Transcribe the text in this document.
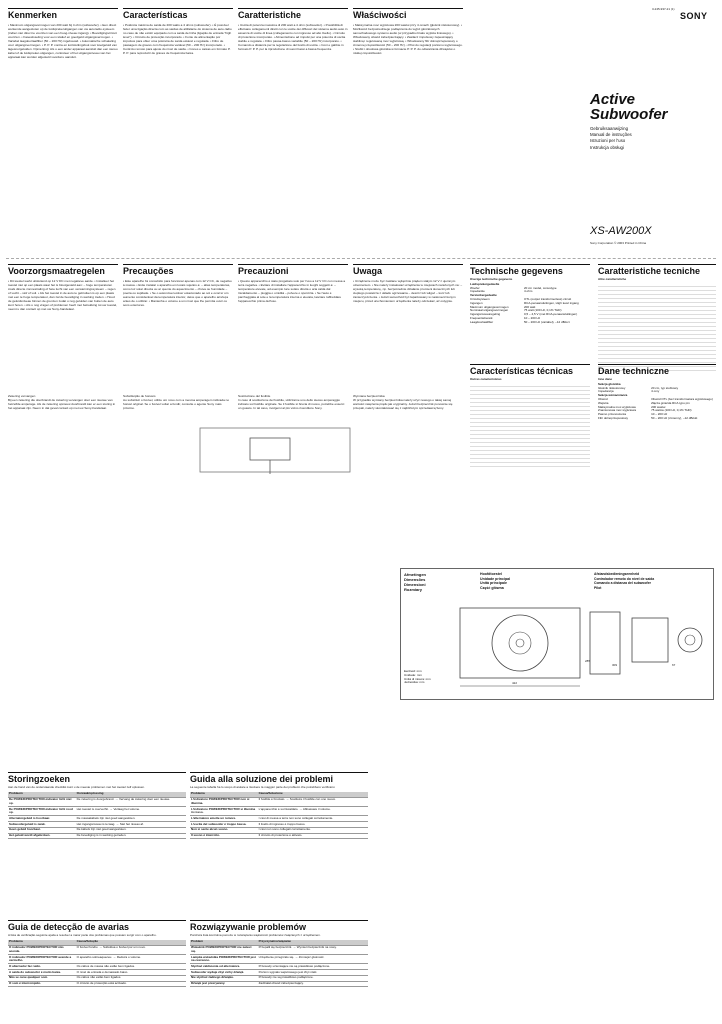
Kenmerken
• Maximum uitgangsvermogen van 200 watt bij 4 ohm (subwoofer). • Een direct werkende aangesloten op de luidsprekeruitgangen van uw autoradio-systeem (indien niet direct te voorzien van een hoog-niveau ingang). • Beveiligingscircuit voorzien. • Fasewisseling voor een relatief en goedgeld uitgangsvermogen. • Variabel laagdoorlaatfilter (50 – 200 Hz) ingebouwd. • Automatische schakeling voor uitgangsvermogen. • P. P. P. contra en kortsluitingsfout voor koelgeluid van lagesnorgeluiden. Opmerking: Als u een ander apparaat aansluit dan een stereo kabel of de luidspreker-uitgangen, controleer of het uitgangsniveau van het apparaat kan worden afgesteld voordat u aansluit.
Características
• Potência máxima de saída de 200 watts a 4 ohms (subwoofer). • É possível fazer uma ligação directa com as saídas de altifalante do sistema de auto-rádio no caso de não existir equipado com a saída de linha (ligação de entrada "high level"). • Circuito de protecção incorporado. • Fonte de alimentação por impulsos para obter uma potência de saída estável e regulada. • Filtro de passagem de graves com frequência variável (50 – 200 Hz) incorporado. • Controlo remoto para ajuste do nível de saída. • Cones e caixas em formato P. P. P. para reproduzir de graves de frequência baixa.
Caratteristiche
• Uscita di potenza massima di 200 watt a 4 ohm (subwoofer). • Possibilità di effettuare collegamenti diretti con le uscite dei diffusori del sistema audio auto in assenza di uscite di linea (collegamento con ingresso ad alto livello). • Circuito di protezione incorporato. • Alimentazione ad impulsi per una potenza di uscita stabile e regolata. • Filtro passa-basso variabile (50 – 200 Hz) incorporato. • Comando a distanza per la regolazione del livello di uscita. • Coni e gabbie in formato P. P. P. per la riproduzione di suoni bassi a bassa frequenza.
Właściwości
• Maksymalna moc wyjściowa 200 watów przy 4 omach (głośnik niskotonowy). • Możliwość bezpośredniego podłączenia do wyjść głośnikowych samochodowego systemu audio (w przypadku braku wyjścia liniowego). • Wbudowany obwód zabezpieczający. • Zasilacz impulsowy zapewniający stabilną i regulowaną moc wyjściową. • Wbudowany filtr dolnoprzepustowy o zmiennej częstotliwości (50 – 200 Hz). • Pilot do regulacji poziomu wyjściowego. • Stożki i obudowa głośnika w formacie P. P. P. do odtwarzania dźwięków o niskiej częstotliwości.
3-245-937-21 (1)
SONY
Active
Subwoofer
Gebruiksaanwijzing
Manual de instruções
Istruzioni per l'uso
Instrukcja obsługi
XS-AW200X
Sony Corporation © 2003 Printed in China
Voorzorgsmaatregelen
• Dit toestel werkt uitsluitend op 12 V DC met negatieve aarde. • Installeer het toestel niet op een plaats waar het is blootgesteld aan: – hoge temperaturen zoals directe zonnestraling of hete lucht van een verwarmingssysteem – regen of vocht – stof of vuil. • Als het toestel in de auto te gebruiken is op een plaats met een te hoge temperatuur, dan zal de beveiliging in werking treden. • Houd de geluidsniveau binnen de grenzen zodat u nog geluiden van buiten de auto kunt horen. • Als u nog vragen of problemen heeft met betrekking tot uw toestel, neemt u dan contact op met uw Sony-handelaar.
Zekering vervangen
Bij een zekering die doorbrandt de zekering vervangen door een nieuwe van hetzelfde amperage. Als de zekering opnieuw doorbrandt kan er een storing in het apparaat zijn. Neem in dat geval contact op met uw Sony-handelaar.
Precauções
• Este aparelho foi concebido para funcionar apenas com 12 V CC, de negativo à massa. • Evite instalar o aparelho em locais sujeitos a: – altas temperaturas, como luz solar directa ou ar quente do aquecimento – chuva ou humidade – poeira ou sujidade. • Se o automóvel estiver estacionado ao sol e ocorrer um aumento considerável da temperatura interior, deixe que o aparelho arrefeça antes de o utilizar. • Mantenha o volume a um nível que lhe permita ouvir os sons exteriores.
Substituição de fusíveis
Ao substituir o fusível, utilize um novo com a mesma amperagem indicada no fusível original. Se o fusível voltar a fundir, consulte o agente Sony mais próximo.
Precauzioni
• Questo apparecchio è stato progettato solo per l'uso a 12 V CC con messa a terra negativa. • Evitare di installare l'apparecchio in luoghi soggetti a: – temperature elevate, ad esempio luce solare diretta o aria calda dal riscaldamento – pioggia o umidità – polvere o sporcizia. • Se l'auto è parcheggiata al sole e la temperatura interna è elevata, lasciare raffreddare l'apparecchio prima dell'uso.
Sostituzione del fusibile
In caso di sostituzione del fusibile, utilizzarne uno dello stesso amperaggio indicato sul fusibile originale. Se il fusibile si brucia di nuovo, potrebbe esserci un guasto. In tal caso, rivolgersi al più vicino rivenditore Sony.
Uwaga
• Urządzenie może być zasilane wyłącznie prądem stałym 12 V z ujemnym uziemieniem. • Nie należy instalować urządzenia w miejscach narażonych na: – wysoką temperaturę, np. bezpośrednie działanie promieni słonecznych lub ciepłego powietrza z układu ogrzewania – deszcz lub wilgoć – kurz lub zanieczyszczenia. • Jeżeli samochód był zaparkowany w nasłonecznionym miejscu, przed uruchomieniem urządzenia należy odczekać, aż ostygnie.
Wymiana bezpiecznika
W przypadku wymiany bezpiecznika należy użyć nowego o takiej samej wartości natężenia prądu jak oryginalny. Jeżeli bezpiecznik ponownie się przepali, należy skontaktować się z najbliższym sprzedawcą Sony.
Technische gegevens
Overige technische gegevens
Luidsprekergedeelte
Woofer	20 cm model, conustype
Impedantie	4 ohm
Versterkergedeelte
Circuitsysteem	OTL (output transformerless) circuit
Ingangen	RCA-penaansluitingen, High level ingang
Maximum uitgangsvermogen	200 watt
Nominaal uitgangsvermogen	75 watt (100 Hz, 0,1% THD)
Ingangsniveauregeling	0,5 – 4,5 V (met RCA-penaansluitingen)
Frequentiebereik	10 – 200 Hz
Laagdoorlaatfilter	50 – 200 Hz (variabel), –12 dB/oct
Caratteristiche tecniche
Altre caratteristiche
Características técnicas
Outras características
Dane techniczne
Inne dane
Sekcja głośnika
Głośnik niskotonowy	20 cm, typ stożkowy
Impedancja	4 omy
Sekcja wzmacniacza
Obwód	Obwód OTL (bez transformatora wyjściowego)
Wejścia	Złącza gniazda RCA typu pin
Maksymalna moc wyjściowa	200 watów
Znamionowa moc wyjściowa	75 watów (100 Hz, 0,1% THD)
Pasmo przenoszenia	10 – 200 Hz
Filtr dolnoprzepustowy	50 – 200 Hz (zmienny), –12 dB/okt
Afmetingen
Dimensões
Dimensioni
Rozmiary
Hoofdtoestel
Unidade principal
Unità principale
Część główna
Afstandsbedieningseenheid
Controlador remoto do nível de saída
Comando a distanza del subwoofer
Pilot
422
285
309	67
Eenheid: mm
Unidade: mm
Unità di misura: mm
Jednostka: mm
Storingzoeken
Aan de hand van de onderstaande checklist kunt u de meeste problemen met het toestel zelf oplossen.
Probleem	Oorzaak/oplossing
De POWER/PROTECTOR-indicator licht niet op.	De zekering is doorgebrand. → Vervang de zekering door een nieuwe.
De POWER/PROTECTOR-indicator licht rood op.	Het toestel is oververhit. → Verlaag het volume.
Alternatorgeluid is hoorbaar.	De massakabels zijn niet goed aangesloten.
Subwoofergeluid is zwak.	Het ingangsniveau is te laag. → Stel het niveau af.
Geen geluid hoorbaar.	De kabels zijn niet goed aangesloten.
Het geluid wordt afgebroken.	De beveiliging is in werking getreden.
Guida alla soluzione dei problemi
La seguente tabella ha lo scopo di aiutare a risolvere la maggior parte dei problemi che potrebbero verificarsi.
Problema	Causa/Soluzione
L'indicatore POWER/PROTECTOR non si illumina.	Il fusibile è bruciato. → Sostituire il fusibile con uno nuovo.
L'indicatore POWER/PROTECTOR si illumina in rosso.	L'apparecchio è surriscaldato. → Abbassare il volume.
L'alternatore emette un rumore.	I cavi di messa a terra non sono collegati correttamente.
L'uscita del subwoofer è troppo bassa.	Il livello di ingresso è troppo basso.
Non si sente alcun suono.	I cavi non sono collegati correttamente.
Il suono è interrotto.	Il circuito di protezione è attivato.
Guia de detecção de avarias
A lista de verificação seguinte ajuda a resolver a maior parte dos problemas que possam surgir com o aparelho.
Problema	Causa/Solução
O indicador POWER/PROTECTOR não acende.	O fusível fundiu. → Substitua o fusível por um novo.
O indicador POWER/PROTECTOR acende a vermelho.	O aparelho sobreaqueceu. → Reduza o volume.
O alternador faz ruído.	Os cabos de massa não estão bem ligados.
A saída do subwoofer é muito baixa.	O nível de entrada é demasiado baixo.
Não se ouve qualquer som.	Os cabos não estão bem ligados.
O som é interrompido.	O circuito de protecção está activado.
Rozwiązywanie problemów
Poniższa lista kontrolna pomoże w rozwiązaniu większości problemów związanych z urządzeniem.
Problem	Przyczyna/rozwiązanie
Wskaźnik POWER/PROTECTOR nie świeci się.	Przepalił się bezpiecznik. → Wymień bezpiecznik na nowy.
Lampka wskaźnika POWER/PROTECTOR jest na czerwono.	Urządzenie przegrzało się. → Zmniejsz głośność.
Słychać zakłócenia od alternatora.	Przewody uziemiające nie są prawidłowo podłączone.
Subwoofer wydaje zbyt cichy dźwięk.	Poziom sygnału wejściowego jest zbyt niski.
Nie słychać żadnego dźwięku.	Przewody nie są prawidłowo podłączone.
Dźwięk jest przerywany.	Zadziałał obwód zabezpieczający.
